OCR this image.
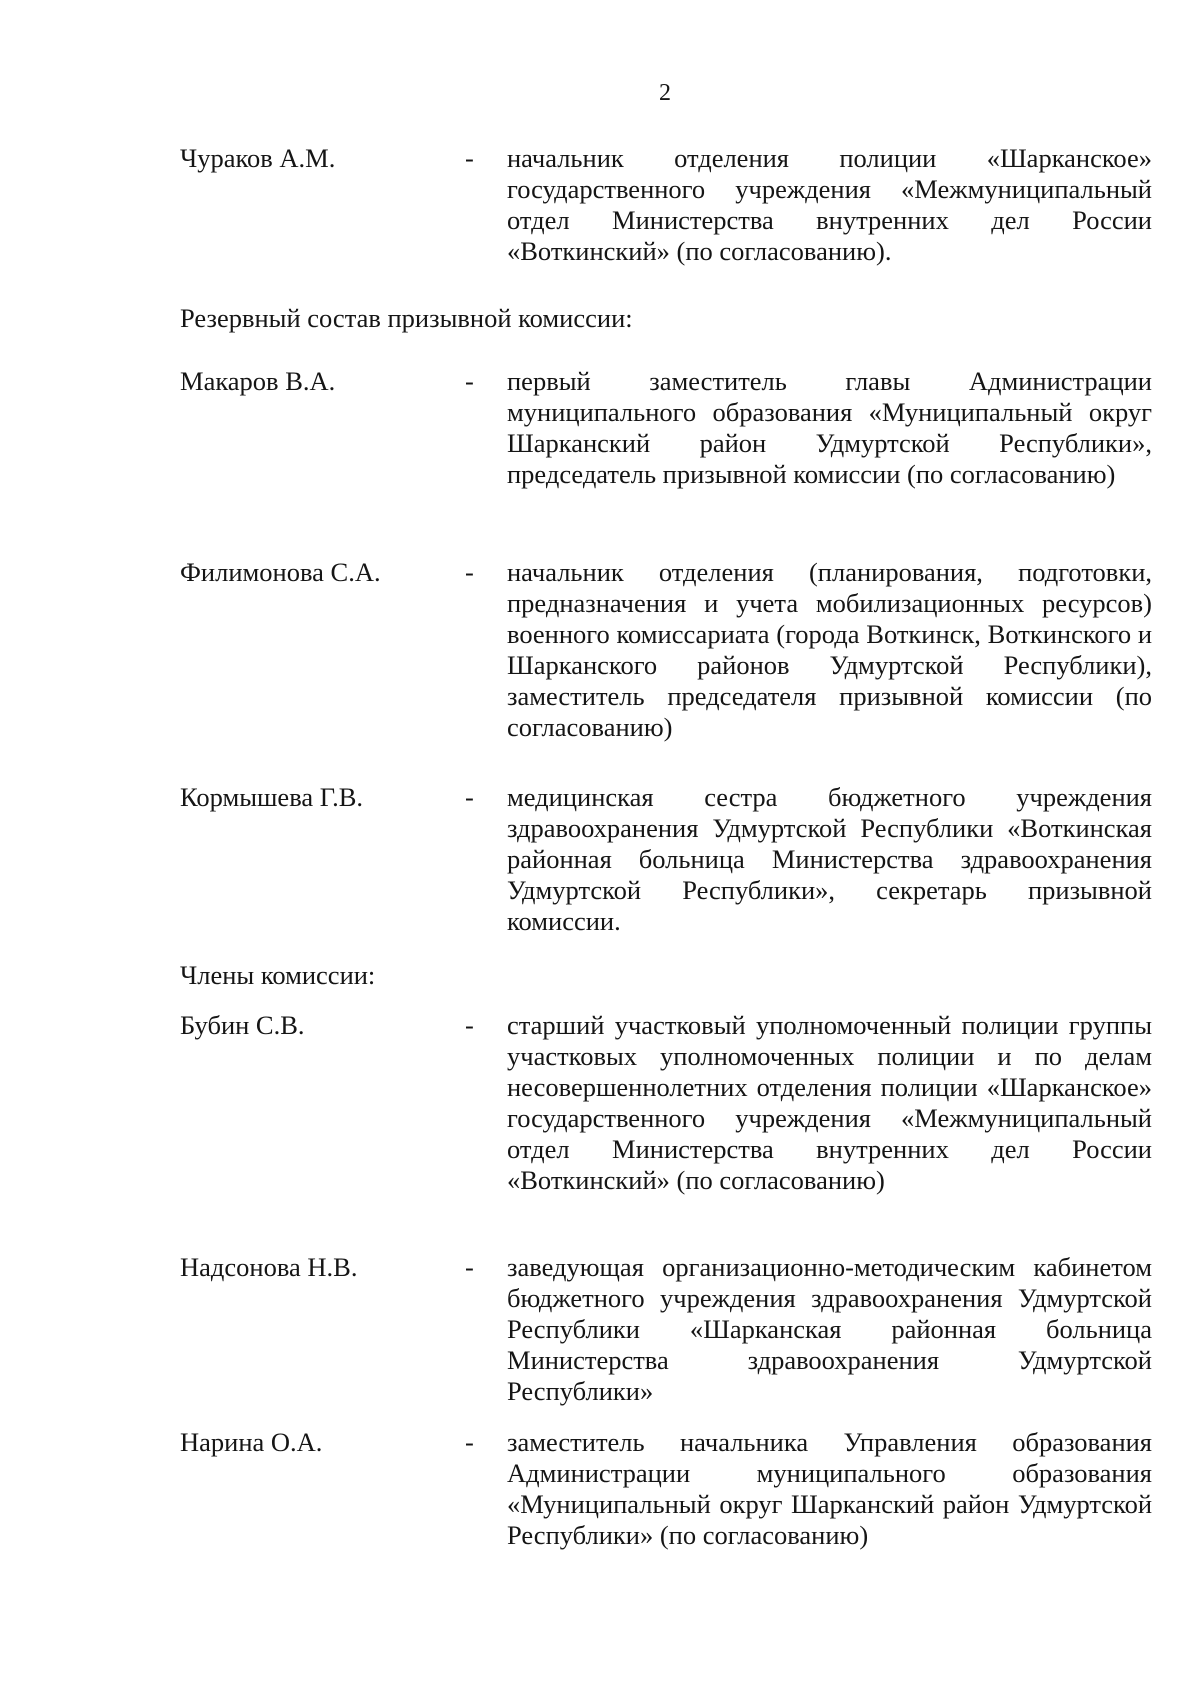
2
Чураков А.М.	- начальник отделения полиции «Шарканское» государственного учреждения «Межмуниципальный отдел Министерства внутренних дел России «Воткинский» (по согласованию).
Резервный состав призывной комиссии:
Макаров В.А.	- первый заместитель главы Администрации муниципального образования «Муниципальный округ Шарканский район Удмуртской Республики», председатель призывной комиссии (по согласованию)
Филимонова С.А.	- начальник отделения (планирования, подготовки, предназначения и учета мобилизационных ресурсов) военного комиссариата (города Воткинск, Воткинского и Шарканского районов Удмуртской Республики), заместитель председателя призывной комиссии (по согласованию)
Кормышева Г.В.	- медицинская сестра бюджетного учреждения здравоохранения Удмуртской Республики «Воткинская районная больница Министерства здравоохранения Удмуртской Республики», секретарь призывной комиссии.
Члены комиссии:
Бубин С.В.	- старший участковый уполномоченный полиции группы участковых уполномоченных полиции и по делам несовершеннолетних отделения полиции «Шарканское» государственного учреждения «Межмуниципальный отдел Министерства внутренних дел России «Воткинский» (по согласованию)
Надсонова Н.В.	- заведующая организационно-методическим кабинетом бюджетного учреждения здравоохранения Удмуртской Республики «Шарканская районная больница Министерства здравоохранения Удмуртской Республики»
Нарина О.А.	- заместитель начальника Управления образования Администрации муниципального образования «Муниципальный округ Шарканский район Удмуртской Республики» (по согласованию)
